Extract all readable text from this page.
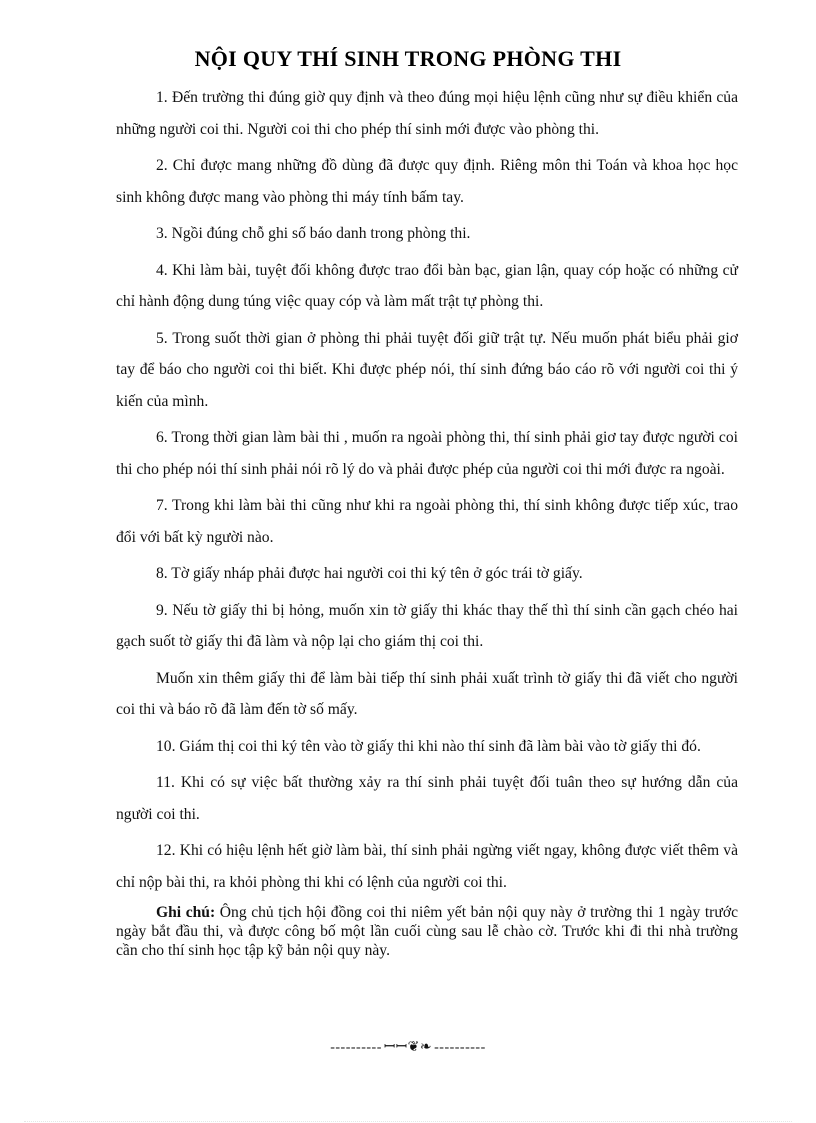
NỘI QUY THÍ SINH TRONG PHÒNG THI

1. Đến trường thi đúng giờ quy định và theo đúng mọi hiệu lệnh cũng như sự điều khiển của những người coi thi. Người coi thi cho phép thí sinh mới được vào phòng thi.

2. Chỉ được mang những đồ dùng đã được quy định. Riêng môn thi Toán và khoa học học sinh không được mang vào phòng thi máy tính bấm tay.

3. Ngồi đúng chỗ ghi số báo danh trong phòng thi.

4. Khi làm bài, tuyệt đối không được trao đổi bàn bạc, gian lận, quay cóp hoặc có những cử chỉ hành động dung túng việc quay cóp và làm mất trật tự phòng thi.

5. Trong suốt thời gian ở phòng thi phải tuyệt đối giữ trật tự. Nếu muốn phát biểu phải giơ tay để báo cho người coi thi biết. Khi được phép nói, thí sinh đứng báo cáo rõ với người coi thi ý kiến của mình.

6. Trong thời gian làm bài thi , muốn ra ngoài phòng thi, thí sinh phải giơ tay được người coi thi cho phép nói thí sinh phải nói rõ lý do và phải được phép của người coi thi mới được ra ngoài.

7. Trong khi làm bài thi cũng như khi ra ngoài phòng thi, thí sinh không được tiếp xúc, trao đổi với bất kỳ người nào.

8. Tờ giấy nháp phải được hai người coi thi ký tên ở góc trái tờ giấy.

9. Nếu tờ giấy thi bị hỏng, muốn xin tờ giấy thi khác thay thế thì thí sinh cần gạch chéo hai gạch suốt tờ giấy thi đã làm và nộp lại cho giám thị coi thi.

Muốn xin thêm giấy thi để làm bài tiếp thí sinh phải xuất trình tờ giấy thi đã viết cho người coi thi và báo rõ đã làm đến tờ số mấy.

10. Giám thị coi thi ký tên vào tờ giấy thi khi nào thí sinh đã làm bài vào tờ giấy thi đó.

11. Khi có sự việc bất thường xảy ra thí sinh phải tuyệt đối tuân theo sự hướng dẫn của người coi thi.

12. Khi có hiệu lệnh hết giờ làm bài, thí sinh phải ngừng viết ngay, không được viết thêm và chỉ nộp bài thi, ra khỏi phòng thi khi có lệnh của người coi thi.

Ghi chú: Ông chủ tịch hội đồng coi thi niêm yết bản nội quy này ở trường thi 1 ngày trước ngày bắt đầu thi, và được công bố một lần cuối cùng sau lễ chào cờ. Trước khi đi thi nhà trường cần cho thí sinh học tập kỹ bản nội quy này.

---------- ꟷꟷ❦❧ ----------
